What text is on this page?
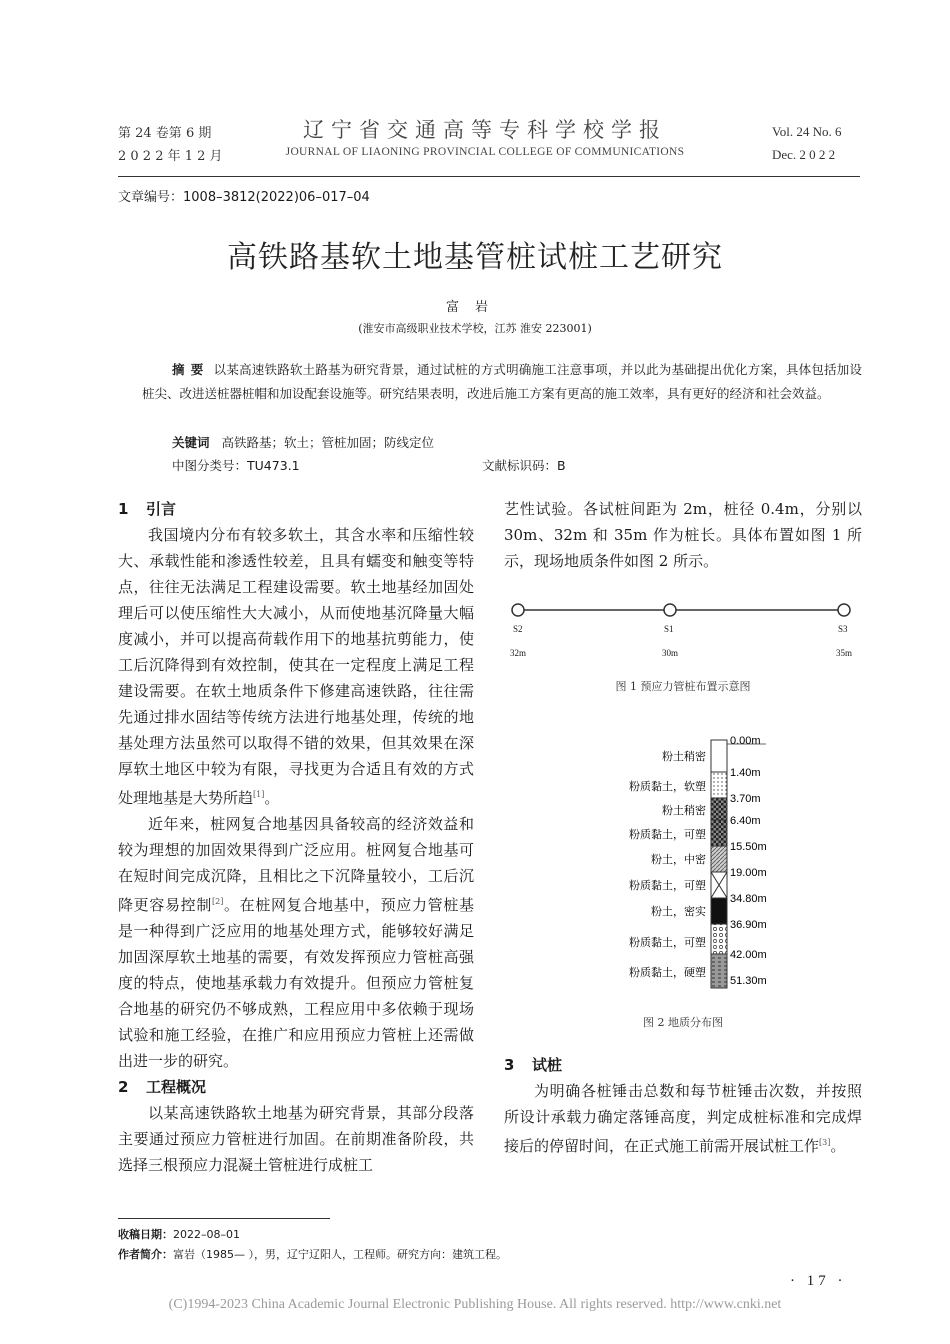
第 24 卷第 6 期
2 0 2 2 年 1 2 月
辽宁省交通高等专科学校学报
JOURNAL OF LIAONING PROVINCIAL COLLEGE OF COMMUNICATIONS
Vol. 24 No. 6
Dec. 2 0 2 2
文章编号：1008–3812(2022)06–017–04
高铁路基软土地基管桩试桩工艺研究
富岩
(淮安市高级职业技术学校，江苏 淮安 223001)
摘要 以某高速铁路软土路基为研究背景，通过试桩的方式明确施工注意事项，并以此为基础提出优化方案，具体包括加设桩尖、改进送桩器桩帽和加设配套设施等。研究结果表明，改进后施工方案有更高的施工效率，具有更好的经济和社会效益。
关键词 高铁路基；软土；管桩加固；防线定位
中图分类号：TU473.1	文献标识码：B
1 引言

我国境内分布有较多软土，其含水率和压缩性较大、承载性能和渗透性较差，且具有蠕变和触变等特点，往往无法满足工程建设需要。软土地基经加固处理后可以使压缩性大大减小，从而使地基沉降量大幅度减小，并可以提高荷载作用下的地基抗剪能力，使工后沉降得到有效控制，使其在一定程度上满足工程建设需要。在软土地质条件下修建高速铁路，往往需先通过排水固结等传统方法进行地基处理，传统的地基处理方法虽然可以取得不错的效果，但其效果在深厚软土地区中较为有限，寻找更为合适且有效的方式处理地基是大势所趋[1]。

近年来，桩网复合地基因具备较高的经济效益和较为理想的加固效果得到广泛应用。桩网复合地基可在短时间完成沉降，且相比之下沉降量较小，工后沉降更容易控制[2]。在桩网复合地基中，预应力管桩基是一种得到广泛应用的地基处理方式，能够较好满足加固深厚软土地基的需要，有效发挥预应力管桩高强度的特点，使地基承载力有效提升。但预应力管桩复合地基的研究仍不够成熟，工程应用中多依赖于现场试验和施工经验，在推广和应用预应力管桩上还需做出进一步的研究。

2 工程概况

以某高速铁路软土地基为研究背景，其部分段落主要通过预应力管桩进行加固。在前期准备阶段，共选择三根预应力混凝土管桩进行成桩工

艺性试验。各试桩间距为 2m，桩径 0.4m，分别以 30m、32m 和 35m 作为桩长。具体布置如图 1 所示，现场地质条件如图 2 所示。

S2	S1	S3
32m	30m	35m
图 1 预应力管桩布置示意图
0.00m
1.40m
3.70m
6.40m
15.50m
19.00m
34.80m
36.90m
42.00m
51.30m
粉土稍密
粉质黏土，软塑
粉土稍密
粉质黏土，可塑
粉土，中密
粉质黏土，可塑
粉土，密实
粉质黏土，可塑
粉质黏土，硬塑
图 2 地质分布图
3 试桩

为明确各桩锤击总数和每节桩锤击次数，并按照所设计承载力确定落锤高度，判定成桩标准和完成焊接后的停留时间，在正式施工前需开展试桩工作[3]。

收稿日期：2022–08–01
作者简介：富岩（1985— ），男，辽宁辽阳人，工程师。研究方向：建筑工程。
· 17 ·
(C)1994-2023 China Academic Journal Electronic Publishing House. All rights reserved. http://www.cnki.net
